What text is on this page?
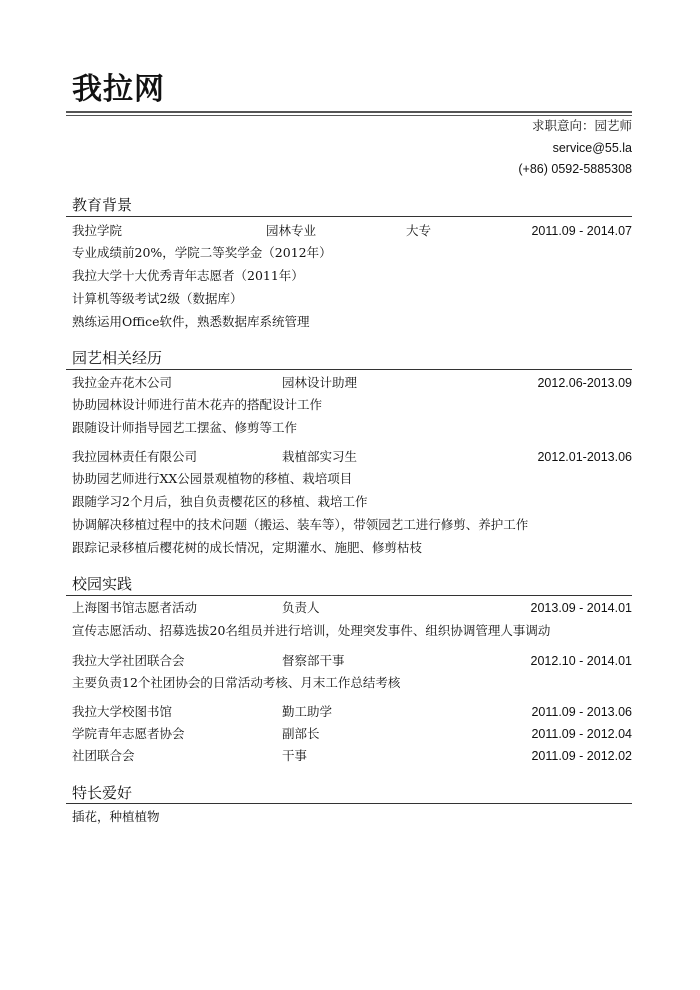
我拉网
求职意向：园艺师
service@55.la
(+86) 0592-5885308
教育背景
我拉学院	园林专业	大专	2011.09 - 2014.07
专业成绩前20%，学院二等奖学金（2012年）
我拉大学十大优秀青年志愿者（2011年）
计算机等级考试2级（数据库）
熟练运用Office软件，熟悉数据库系统管理
园艺相关经历
我拉金卉花木公司	园林设计助理	2012.06-2013.09
协助园林设计师进行苗木花卉的搭配设计工作
跟随设计师指导园艺工摆盆、修剪等工作
我拉园林责任有限公司	栽植部实习生	2012.01-2013.06
协助园艺师进行XX公园景观植物的移植、栽培项目
跟随学习2个月后，独自负责樱花区的移植、栽培工作
协调解决移植过程中的技术问题（搬运、装车等），带领园艺工进行修剪、养护工作
跟踪记录移植后樱花树的成长情况，定期灌水、施肥、修剪枯枝
校园实践
上海图书馆志愿者活动	负责人	2013.09 - 2014.01
宣传志愿活动、招募选拔20名组员并进行培训，处理突发事件、组织协调管理人事调动
我拉大学社团联合会	督察部干事	2012.10 - 2014.01
主要负责12个社团协会的日常活动考核、月末工作总结考核
我拉大学校图书馆	勤工助学	2011.09 - 2013.06
学院青年志愿者协会	副部长	2011.09 - 2012.04
社团联合会	干事	2011.09 - 2012.02
特长爱好
插花，种植植物
